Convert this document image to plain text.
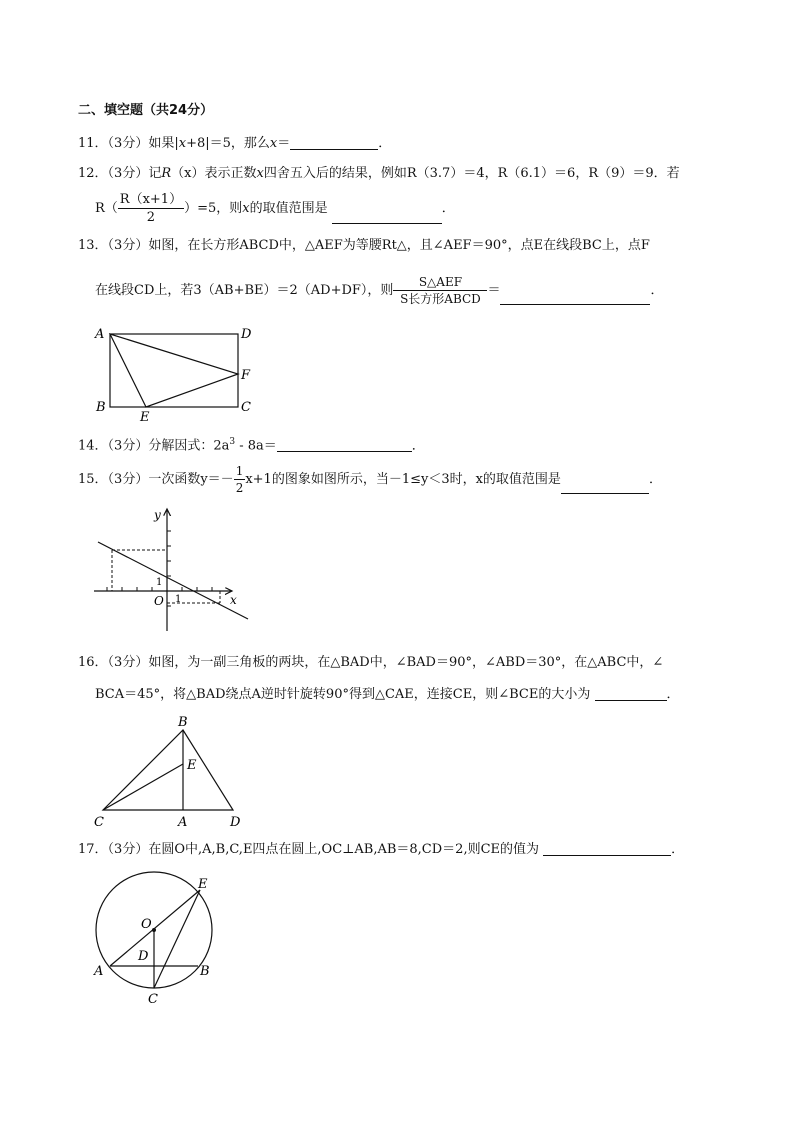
二、填空题（共24分）
11．（3分）如果|x+8|＝5，那么x＝	．
12．（3分）记R（x）表示正数x四舍五入后的结果，例如R（3.7）＝4，R（6.1）＝6，R（9）＝9．若
$R( \frac{R(x+1)}{2} )=5$，则x的取值范围是	．
13．（3分）如图，在长方形ABCD中，△AEF为等腰Rt△，且∠AEF＝90°，点E在线段BC上，点F
在线段CD上，若3（AB+BE）＝2（AD+DF），则 $\frac{\text{S△AEF}}{\text{S长方形ABCD}}$ ＝	．
A	D
F
B	C
E
14．（3分）分解因式：$2a^3 - 8a=$	．
15．（3分）一次函数$y=- \frac{1}{2} x+1$的图象如图所示，当－1≤y＜3时，x的取值范围是	．
y
x
O 1
1
16．（3分）如图，为一副三角板的两块，在△BAD中，∠BAD＝90°，∠ABD＝30°，在△ABC中，∠
BCA＝45°，将△BAD绕点A逆时针旋转90°得到△CAE，连接CE，则∠BCE的大小为	．
B
E
C	A	D
17．（3分）在圆O中,A,B,C,E四点在圆上,OC⊥AB,AB＝8,CD＝2,则CE的值为	．
O
D
A	B
C
E
